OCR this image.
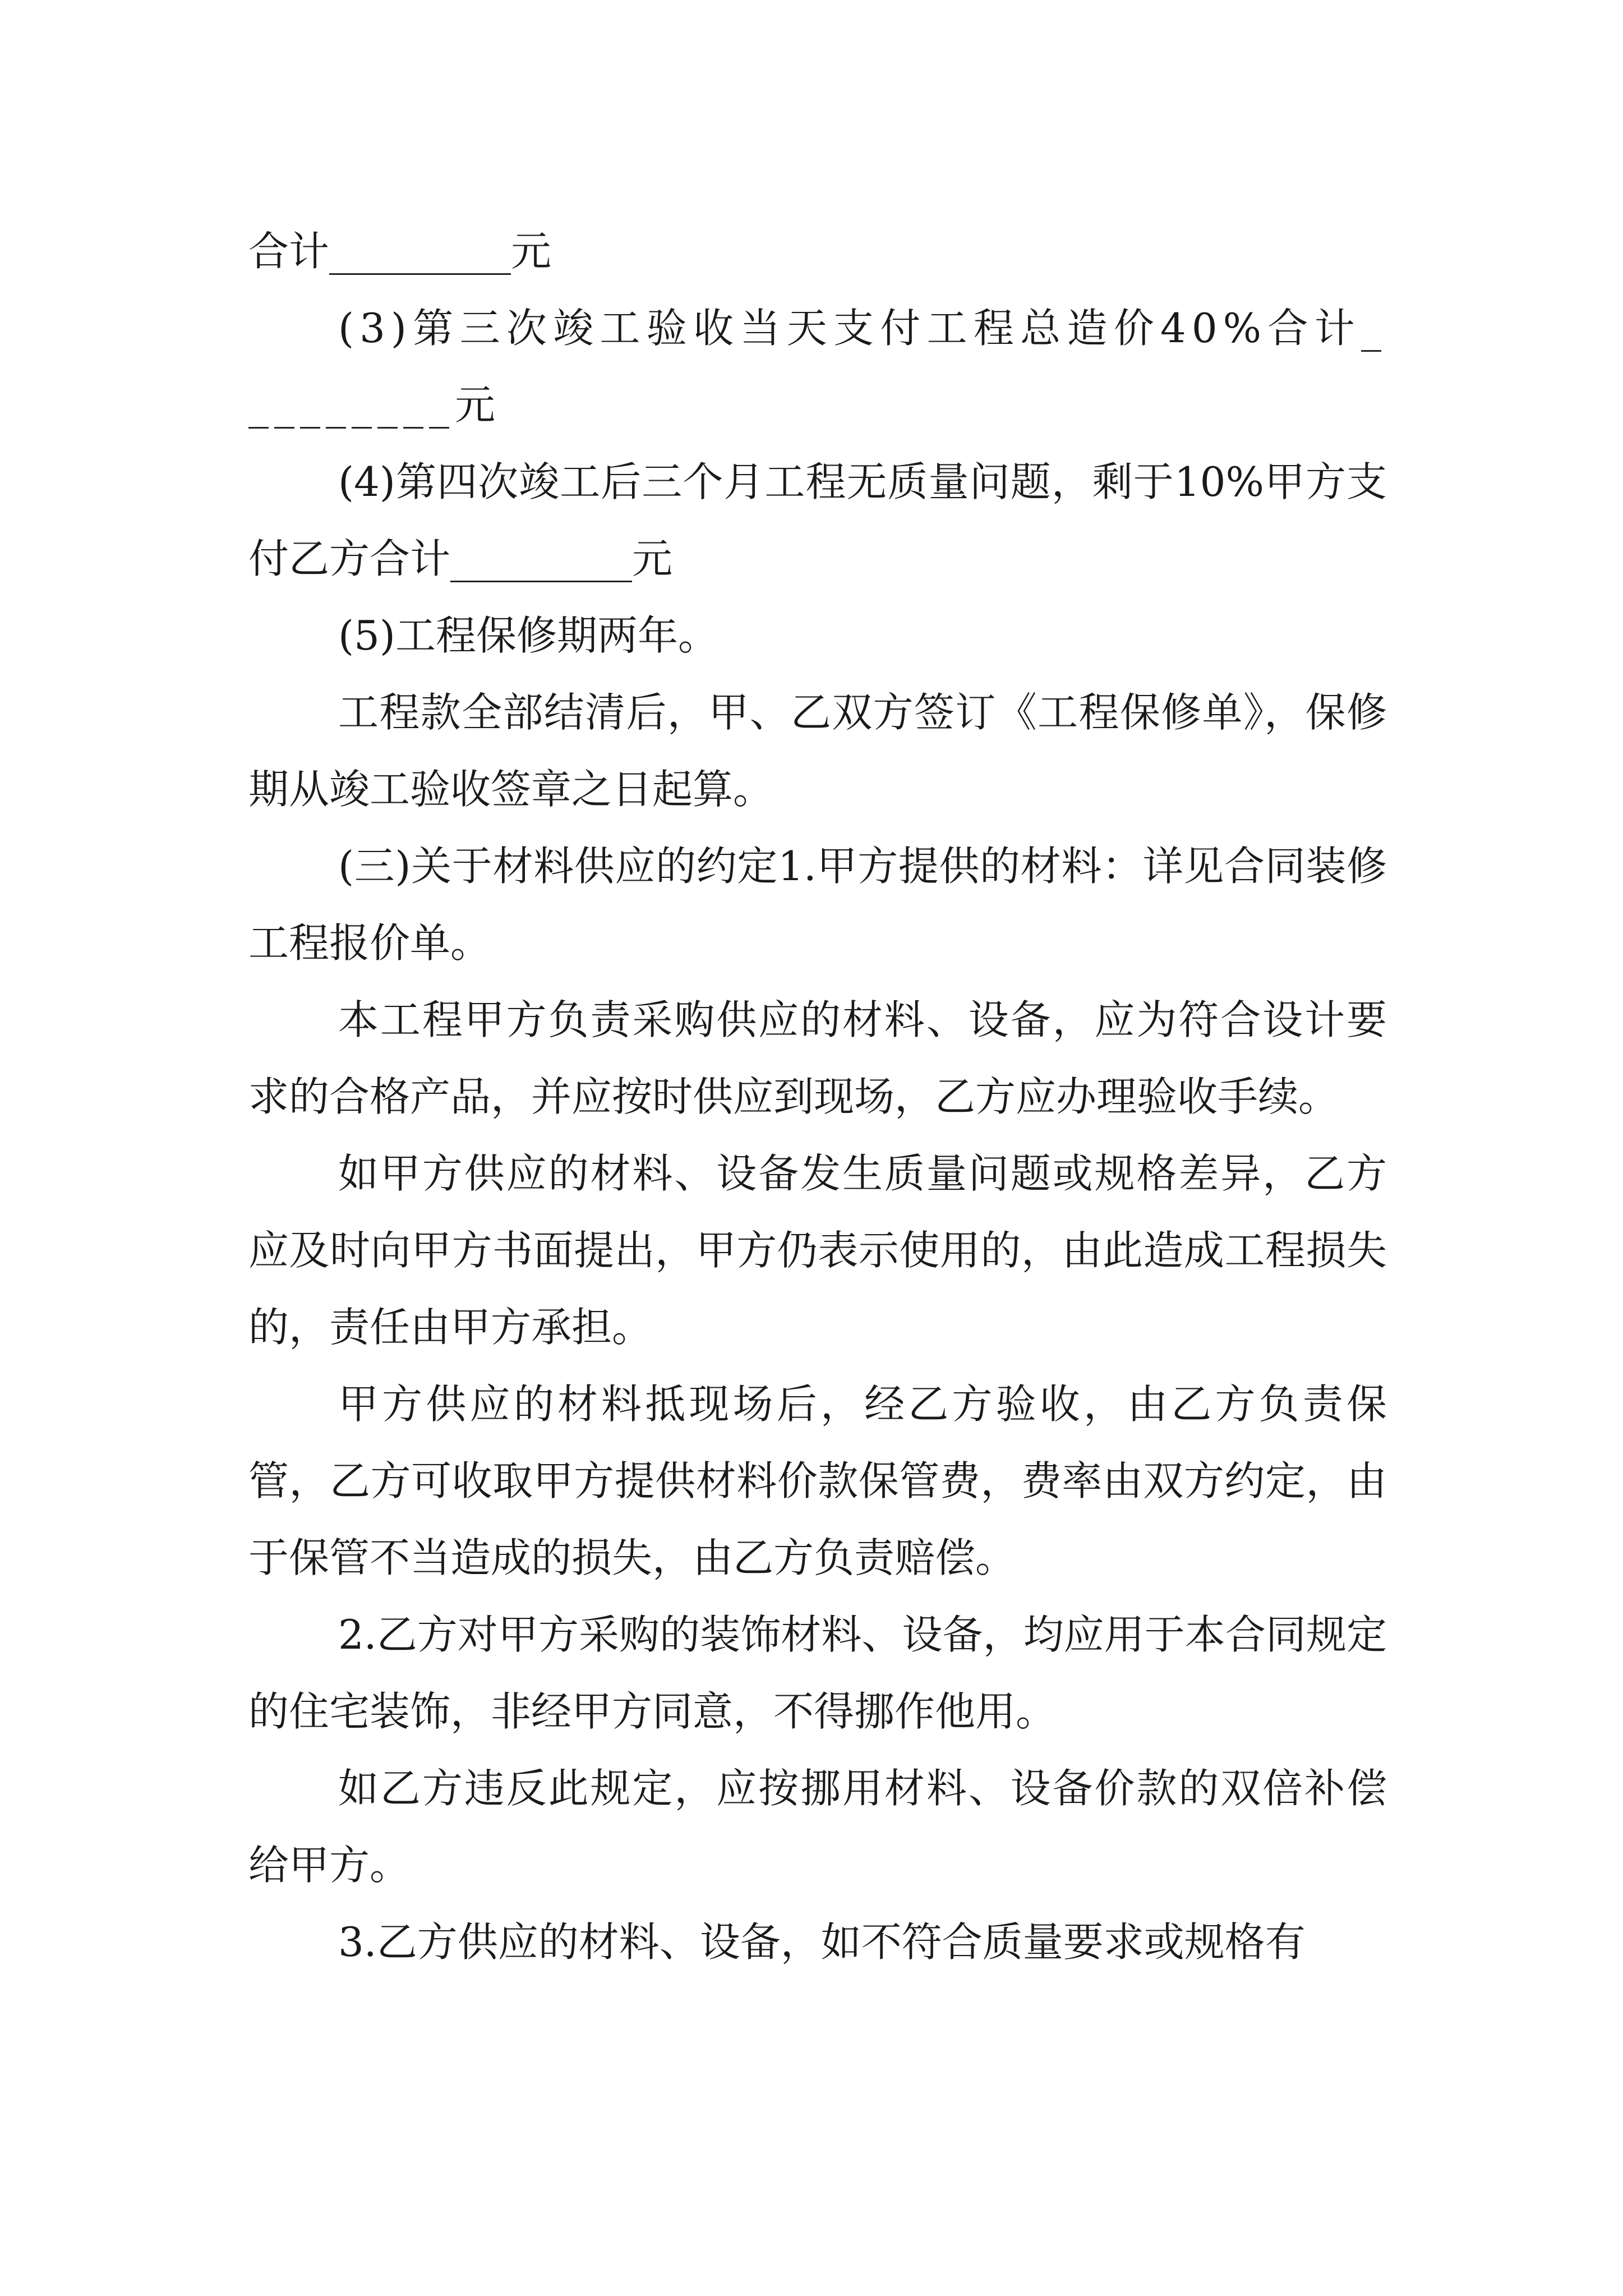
合计_________元

(3)第三次竣工验收当天支付工程总造价40%合计_________元

(4)第四次竣工后三个月工程无质量问题，剩于10%甲方支付乙方合计_________元

(5)工程保修期两年。

工程款全部结清后，甲、乙双方签订《工程保修单》，保修期从竣工验收签章之日起算。

(三)关于材料供应的约定1.甲方提供的材料：详见合同装修工程报价单。

本工程甲方负责采购供应的材料、设备，应为符合设计要求的合格产品，并应按时供应到现场，乙方应办理验收手续。

如甲方供应的材料、设备发生质量问题或规格差异，乙方应及时向甲方书面提出，甲方仍表示使用的，由此造成工程损失的，责任由甲方承担。

甲方供应的材料抵现场后，经乙方验收，由乙方负责保管，乙方可收取甲方提供材料价款保管费，费率由双方约定，由于保管不当造成的损失，由乙方负责赔偿。

2.乙方对甲方采购的装饰材料、设备，均应用于本合同规定的住宅装饰，非经甲方同意，不得挪作他用。

如乙方违反此规定，应按挪用材料、设备价款的双倍补偿给甲方。

3.乙方供应的材料、设备，如不符合质量要求或规格有
